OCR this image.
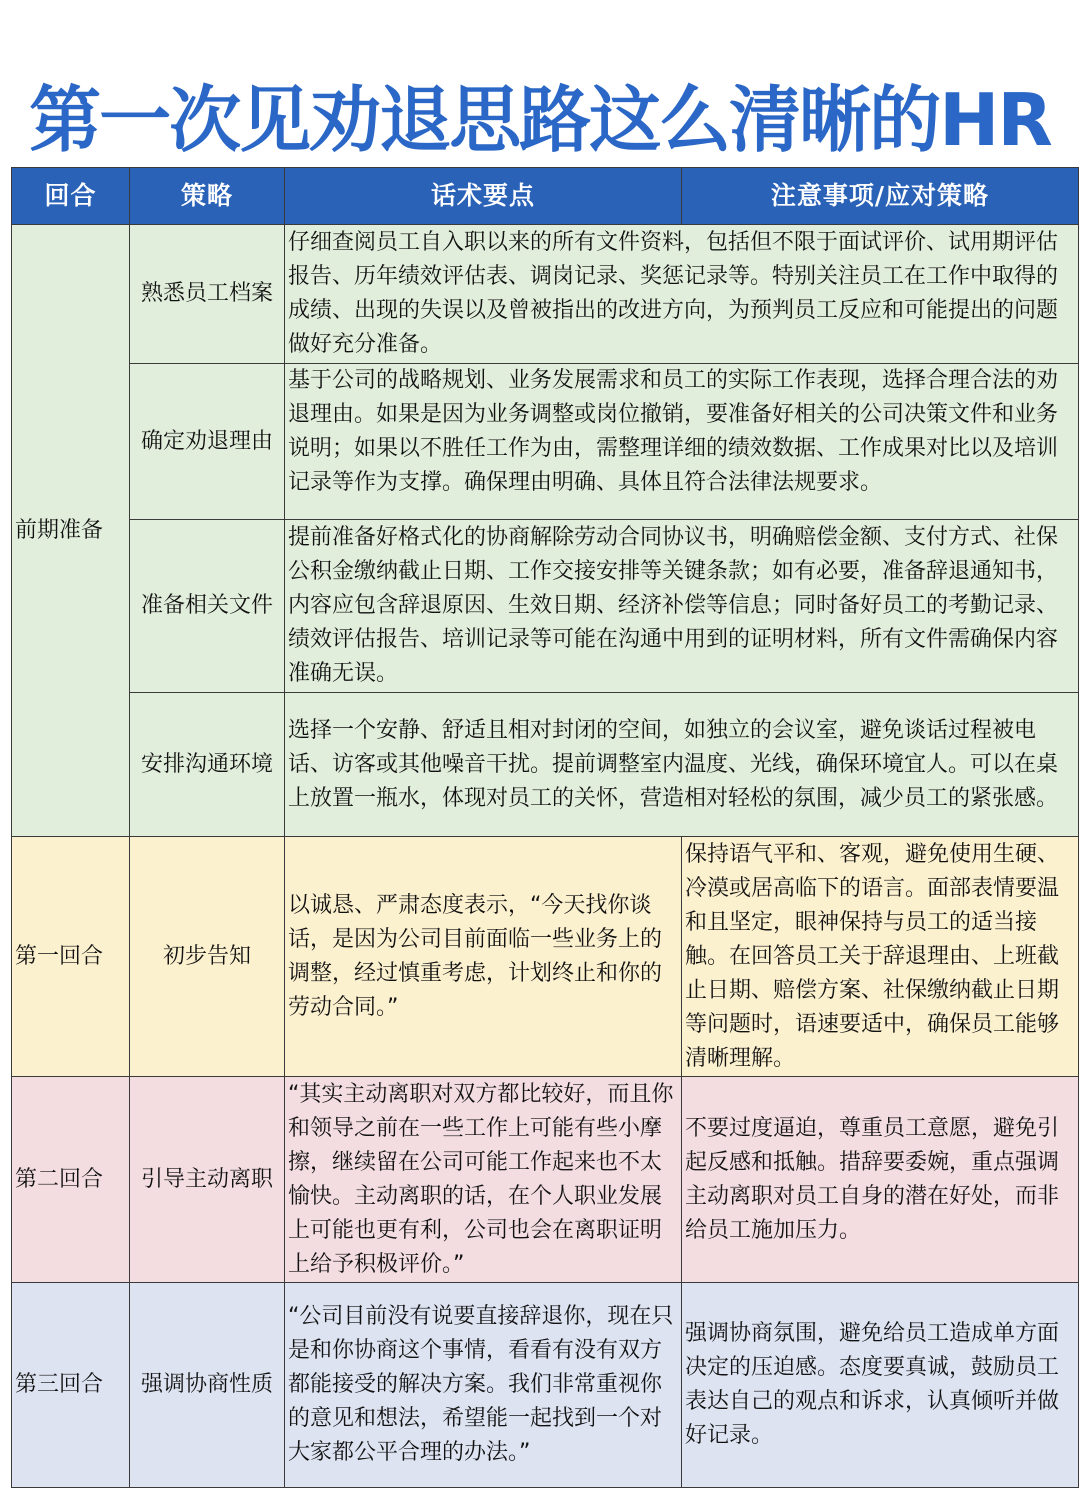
第一次见劝退思路这么清晰的HR
回合	策略	话术要点	注意事项/应对策略
前期准备	熟悉员工档案	仔细查阅员工自入职以来的所有文件资料，包括但不限于面试评价、试用期评估报告、历年绩效评估表、调岗记录、奖惩记录等。特别关注员工在工作中取得的成绩、出现的失误以及曾被指出的改进方向，为预判员工反应和可能提出的问题做好充分准备。	
	确定劝退理由	基于公司的战略规划、业务发展需求和员工的实际工作表现，选择合理合法的劝退理由。如果是因为业务调整或岗位撤销，要准备好相关的公司决策文件和业务说明；如果以不胜任工作为由，需整理详细的绩效数据、工作成果对比以及培训记录等作为支撑。确保理由明确、具体且符合法律法规要求。	

	准备相关文件	提前准备好格式化的协商解除劳动合同协议书，明确赔偿金额、支付方式、社保公积金缴纳截止日期、工作交接安排等关键条款；如有必要，准备辞退通知书，内容应包含辞退原因、生效日期、经济补偿等信息；同时备好员工的考勤记录、绩效评估报告、培训记录等可能在沟通中用到的证明材料，所有文件需确保内容准确无误。	
	安排沟通环境	选择一个安静、舒适且相对封闭的空间，如独立的会议室，避免谈话过程被电话、访客或其他噪音干扰。提前调整室内温度、光线，确保环境宜人。可以在桌上放置一瓶水，体现对员工的关怀，营造相对轻松的氛围，减少员工的紧张感。	
第一回合	初步告知	以诚恳、严肃态度表示，“今天找你谈话，是因为公司目前面临一些业务上的调整，经过慎重考虑，计划终止和你的劳动合同。”	保持语气平和、客观，避免使用生硬、冷漠或居高临下的语言。面部表情要温和且坚定，眼神保持与员工的适当接触。在回答员工关于辞退理由、上班截止日期、赔偿方案、社保缴纳截止日期等问题时，语速要适中，确保员工能够清晰理解。
第二回合	引导主动离职	“其实主动离职对双方都比较好，而且你和领导之前在一些工作上可能有些小摩擦，继续留在公司可能工作起来也不太愉快。主动离职的话，在个人职业发展上可能也更有利，公司也会在离职证明上给予积极评价。”	不要过度逼迫，尊重员工意愿，避免引起反感和抵触。措辞要委婉，重点强调主动离职对员工自身的潜在好处，而非给员工施加压力。
第三回合	强调协商性质	“公司目前没有说要直接辞退你，现在只是和你协商这个事情，看看有没有双方都能接受的解决方案。我们非常重视你的意见和想法，希望能一起找到一个对大家都公平合理的办法。”	强调协商氛围，避免给员工造成单方面决定的压迫感。态度要真诚，鼓励员工表达自己的观点和诉求，认真倾听并做好记录。
